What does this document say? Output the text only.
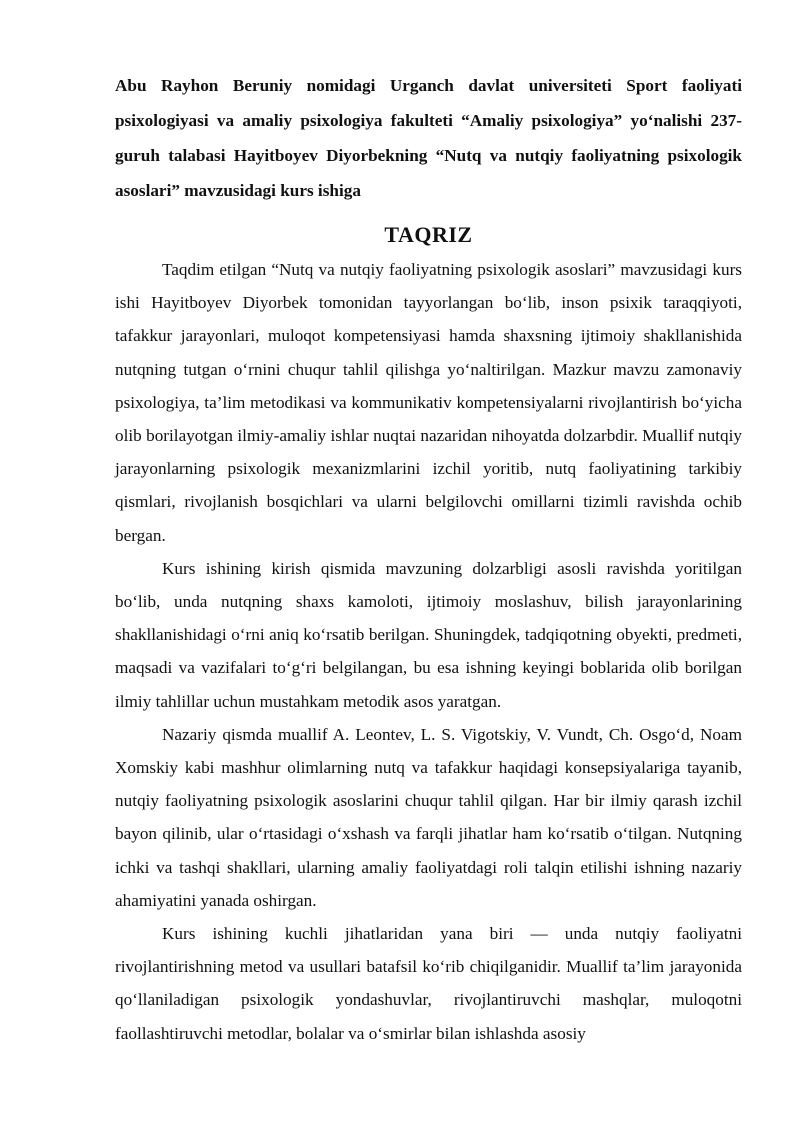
Abu Rayhon Beruniy nomidagi Urganch davlat universiteti Sport faoliyati psixologiyasi va amaliy psixologiya fakulteti “Amaliy psixologiya” yo‘nalishi 237-guruh talabasi Hayitboyev Diyorbekning “Nutq va nutqiy faoliyatning psixologik asoslari” mavzusidagi kurs ishiga

TAQRIZ

Taqdim etilgan “Nutq va nutqiy faoliyatning psixologik asoslari” mavzusidagi kurs ishi Hayitboyev Diyorbek tomonidan tayyorlangan bo‘lib, inson psixik taraqqiyoti, tafakkur jarayonlari, muloqot kompetensiyasi hamda shaxsning ijtimoiy shakllanishida nutqning tutgan o‘rnini chuqur tahlil qilishga yo‘naltirilgan. Mazkur mavzu zamonaviy psixologiya, ta’lim metodikasi va kommunikativ kompetensiyalarni rivojlantirish bo‘yicha olib borilayotgan ilmiy-amaliy ishlar nuqtai nazaridan nihoyatda dolzarbdir. Muallif nutqiy jarayonlarning psixologik mexanizmlarini izchil yoritib, nutq faoliyatining tarkibiy qismlari, rivojlanish bosqichlari va ularni belgilovchi omillarni tizimli ravishda ochib bergan.

Kurs ishining kirish qismida mavzuning dolzarbligi asosli ravishda yoritilgan bo‘lib, unda nutqning shaxs kamoloti, ijtimoiy moslashuv, bilish jarayonlarining shakllanishidagi o‘rni aniq ko‘rsatib berilgan. Shuningdek, tadqiqotning obyekti, predmeti, maqsadi va vazifalari to‘g‘ri belgilangan, bu esa ishning keyingi boblarida olib borilgan ilmiy tahlillar uchun mustahkam metodik asos yaratgan.

Nazariy qismda muallif A. Leontev, L. S. Vigotskiy, V. Vundt, Ch. Osgo‘d, Noam Xomskiy kabi mashhur olimlarning nutq va tafakkur haqidagi konsepsiyalariga tayanib, nutqiy faoliyatning psixologik asoslarini chuqur tahlil qilgan. Har bir ilmiy qarash izchil bayon qilinib, ular o‘rtasidagi o‘xshash va farqli jihatlar ham ko‘rsatib o‘tilgan. Nutqning ichki va tashqi shakllari, ularning amaliy faoliyatdagi roli talqin etilishi ishning nazariy ahamiyatini yanada oshirgan.

Kurs ishining kuchli jihatlaridan yana biri — unda nutqiy faoliyatni rivojlantirishning metod va usullari batafsil ko‘rib chiqilganidir. Muallif ta’lim jarayonida qo‘llaniladigan psixologik yondashuvlar, rivojlantiruvchi mashqlar, muloqotni faollashtiruvchi metodlar, bolalar va o‘smirlar bilan ishlashda asosiy
